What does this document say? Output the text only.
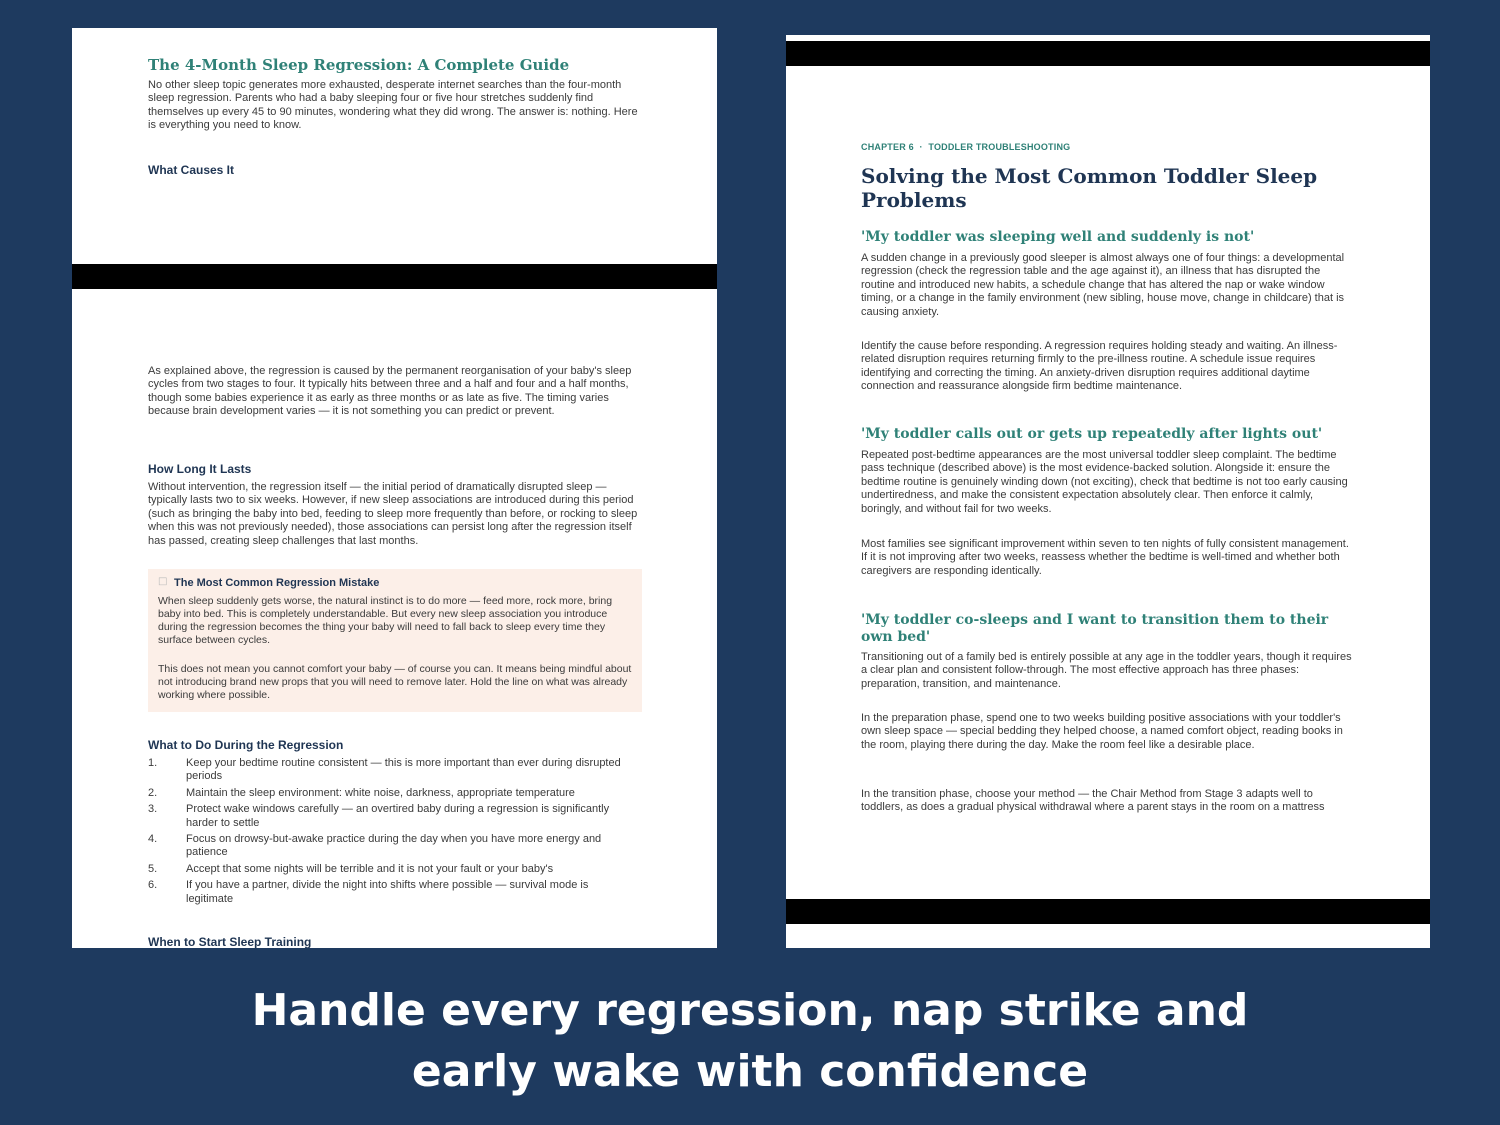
The 4-Month Sleep Regression: A Complete Guide

No other sleep topic generates more exhausted, desperate internet searches than the four-month sleep regression. Parents who had a baby sleeping four or five hour stretches suddenly find themselves up every 45 to 90 minutes, wondering what they did wrong. The answer is: nothing. Here is everything you need to know.

What Causes It

As explained above, the regression is caused by the permanent reorganisation of your baby's sleep cycles from two stages to four. It typically hits between three and a half and four and a half months, though some babies experience it as early as three months or as late as five. The timing varies because brain development varies — it is not something you can predict or prevent.

How Long It Lasts

Without intervention, the regression itself — the initial period of dramatically disrupted sleep — typically lasts two to six weeks. However, if new sleep associations are introduced during this period (such as bringing the baby into bed, feeding to sleep more frequently than before, or rocking to sleep when this was not previously needed), those associations can persist long after the regression itself has passed, creating sleep challenges that last months.

□ The Most Common Regression Mistake

When sleep suddenly gets worse, the natural instinct is to do more — feed more, rock more, bring baby into bed. This is completely understandable. But every new sleep association you introduce during the regression becomes the thing your baby will need to fall back to sleep every time they surface between cycles.

This does not mean you cannot comfort your baby — of course you can. It means being mindful about not introducing brand new props that you will need to remove later. Hold the line on what was already working where possible.

What to Do During the Regression
1.	Keep your bedtime routine consistent — this is more important than ever during disrupted periods
2.	Maintain the sleep environment: white noise, darkness, appropriate temperature
3.	Protect wake windows carefully — an overtired baby during a regression is significantly harder to settle
4.	Focus on drowsy-but-awake practice during the day when you have more energy and patience
5.	Accept that some nights will be terrible and it is not your fault or your baby's
6.	If you have a partner, divide the night into shifts where possible — survival mode is legitimate
When to Start Sleep Training
CHAPTER 6 · TODDLER TROUBLESHOOTING
Solving the Most Common Toddler Sleep Problems
'My toddler was sleeping well and suddenly is not'

A sudden change in a previously good sleeper is almost always one of four things: a developmental regression (check the regression table and the age against it), an illness that has disrupted the routine and introduced new habits, a schedule change that has altered the nap or wake window timing, or a change in the family environment (new sibling, house move, change in childcare) that is causing anxiety.

Identify the cause before responding. A regression requires holding steady and waiting. An illness-related disruption requires returning firmly to the pre-illness routine. A schedule issue requires identifying and correcting the timing. An anxiety-driven disruption requires additional daytime connection and reassurance alongside firm bedtime maintenance.

'My toddler calls out or gets up repeatedly after lights out'

Repeated post-bedtime appearances are the most universal toddler sleep complaint. The bedtime pass technique (described above) is the most evidence-backed solution. Alongside it: ensure the bedtime routine is genuinely winding down (not exciting), check that bedtime is not too early causing undertiredness, and make the consistent expectation absolutely clear. Then enforce it calmly, boringly, and without fail for two weeks.

Most families see significant improvement within seven to ten nights of fully consistent management. If it is not improving after two weeks, reassess whether the bedtime is well-timed and whether both caregivers are responding identically.

'My toddler co-sleeps and I want to transition them to their own bed'

Transitioning out of a family bed is entirely possible at any age in the toddler years, though it requires a clear plan and consistent follow-through. The most effective approach has three phases: preparation, transition, and maintenance.

In the preparation phase, spend one to two weeks building positive associations with your toddler's own sleep space — special bedding they helped choose, a named comfort object, reading books in the room, playing there during the day. Make the room feel like a desirable place.

In the transition phase, choose your method — the Chair Method from Stage 3 adapts well to toddlers, as does a gradual physical withdrawal where a parent stays in the room on a mattress

Handle every regression, nap strike and
early wake with confidence
